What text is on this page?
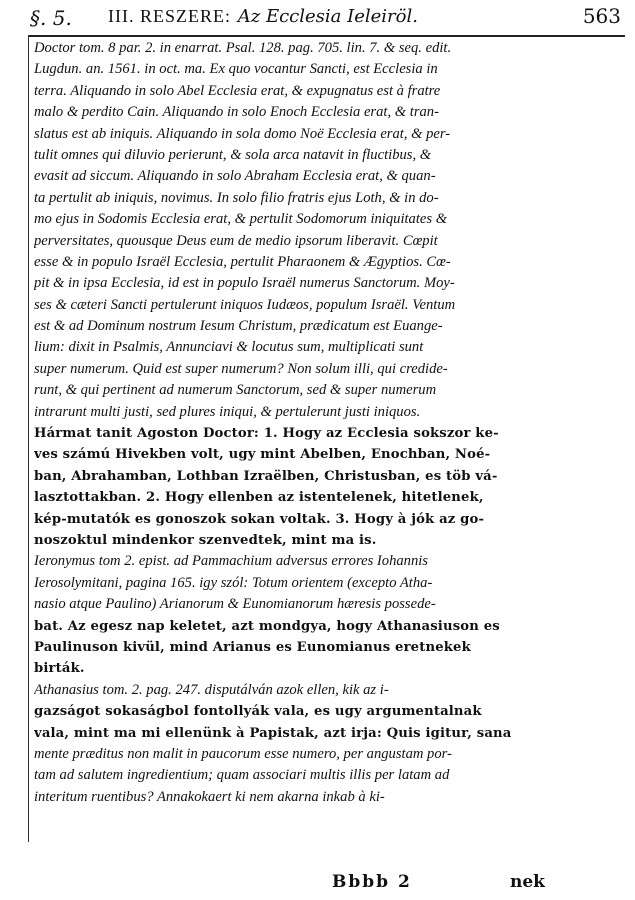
§. 5. III. RESZERE: Az Ecclesia Ieleiröl.	563
Doctor tom. 8 par. 2. in enarrat. Psal. 128. pag. 705. lin. 7. & seq. edit.
Lugdun. an. 1561. in oct. ma. Ex quo vocantur Sancti, est Ecclesia in
terra. Aliquando in solo Abel Ecclesia erat, & expugnatus est à fratre
malo & perdito Cain. Aliquando in solo Enoch Ecclesia erat, & tran-
slatus est ab iniquis. Aliquando in sola domo Noë Ecclesia erat, & per-
tulit omnes qui diluvio perierunt, & sola arca natavit in fluctibus, &
evasit ad siccum. Aliquando in solo Abraham Ecclesia erat, & quan-
ta pertulit ab iniquis, novimus. In solo filio fratris ejus Loth, & in do-
mo ejus in Sodomis Ecclesia erat, & pertulit Sodomorum iniquitates &
perversitates, quousque Deus eum de medio ipsorum liberavit. Cœpit
esse & in populo Israël Ecclesia, pertulit Pharaonem & Ægyptios. Cœ-
pit & in ipsa Ecclesia, id est in populo Israël numerus Sanctorum. Moy-
ses & cæteri Sancti pertulerunt iniquos Iudæos, populum Israël. Ventum
est & ad Dominum nostrum Iesum Christum, prædicatum est Euange-
lium: dixit in Psalmis, Annunciavi & locutus sum, multiplicati sunt
super numerum. Quid est super numerum? Non solum illi, qui credide-
runt, & qui pertinent ad numerum Sanctorum, sed & super numerum
intrarunt multi justi, sed plures iniqui, & pertulerunt justi iniquos.
Hármat tanit Agoston Doctor: 1. Hogy az Ecclesia sokszor ke-
ves számú Hivekben volt, ugy mint Abelben, Enochban, Noé-
ban, Abrahamban, Lothban Izraëlben, Christusban, es töb vá-
lasztottakban. 2. Hogy ellenben az istentelenek, hitetlenek,
kép-mutatók es gonoszok sokan voltak. 3. Hogy à jók az go-
noszoktul mindenkor szenvedtek, mint ma is.
Ieronymus tom 2. epist. ad Pammachium adversus errores Iohannis
Ierosolymitani, pagina 165. igy szól: Totum orientem (excepto Atha-
nasio atque Paulino) Arianorum & Eunomianorum hæresis possede-
bat. Az egesz nap keletet, azt mondgya, hogy Athanasiuson es
Paulinuson kivül, mind Arianus es Eunomianus eretnekek
birták.
Athanasius tom. 2. pag. 247. disputálván azok ellen, kik az i-
gazságot sokaságbol fontollyák vala, es ugy argumentalnak
vala, mint ma mi ellenünk à Papistak, azt irja: Quis igitur, sana
mente præditus non malit in paucorum esse numero, per angustam por-
tam ad salutem ingredientium; quam associari multis illis per latam ad
interitum ruentibus? Annakokaert ki nem akarna inkab à ki-
Bbbb 2	nek
